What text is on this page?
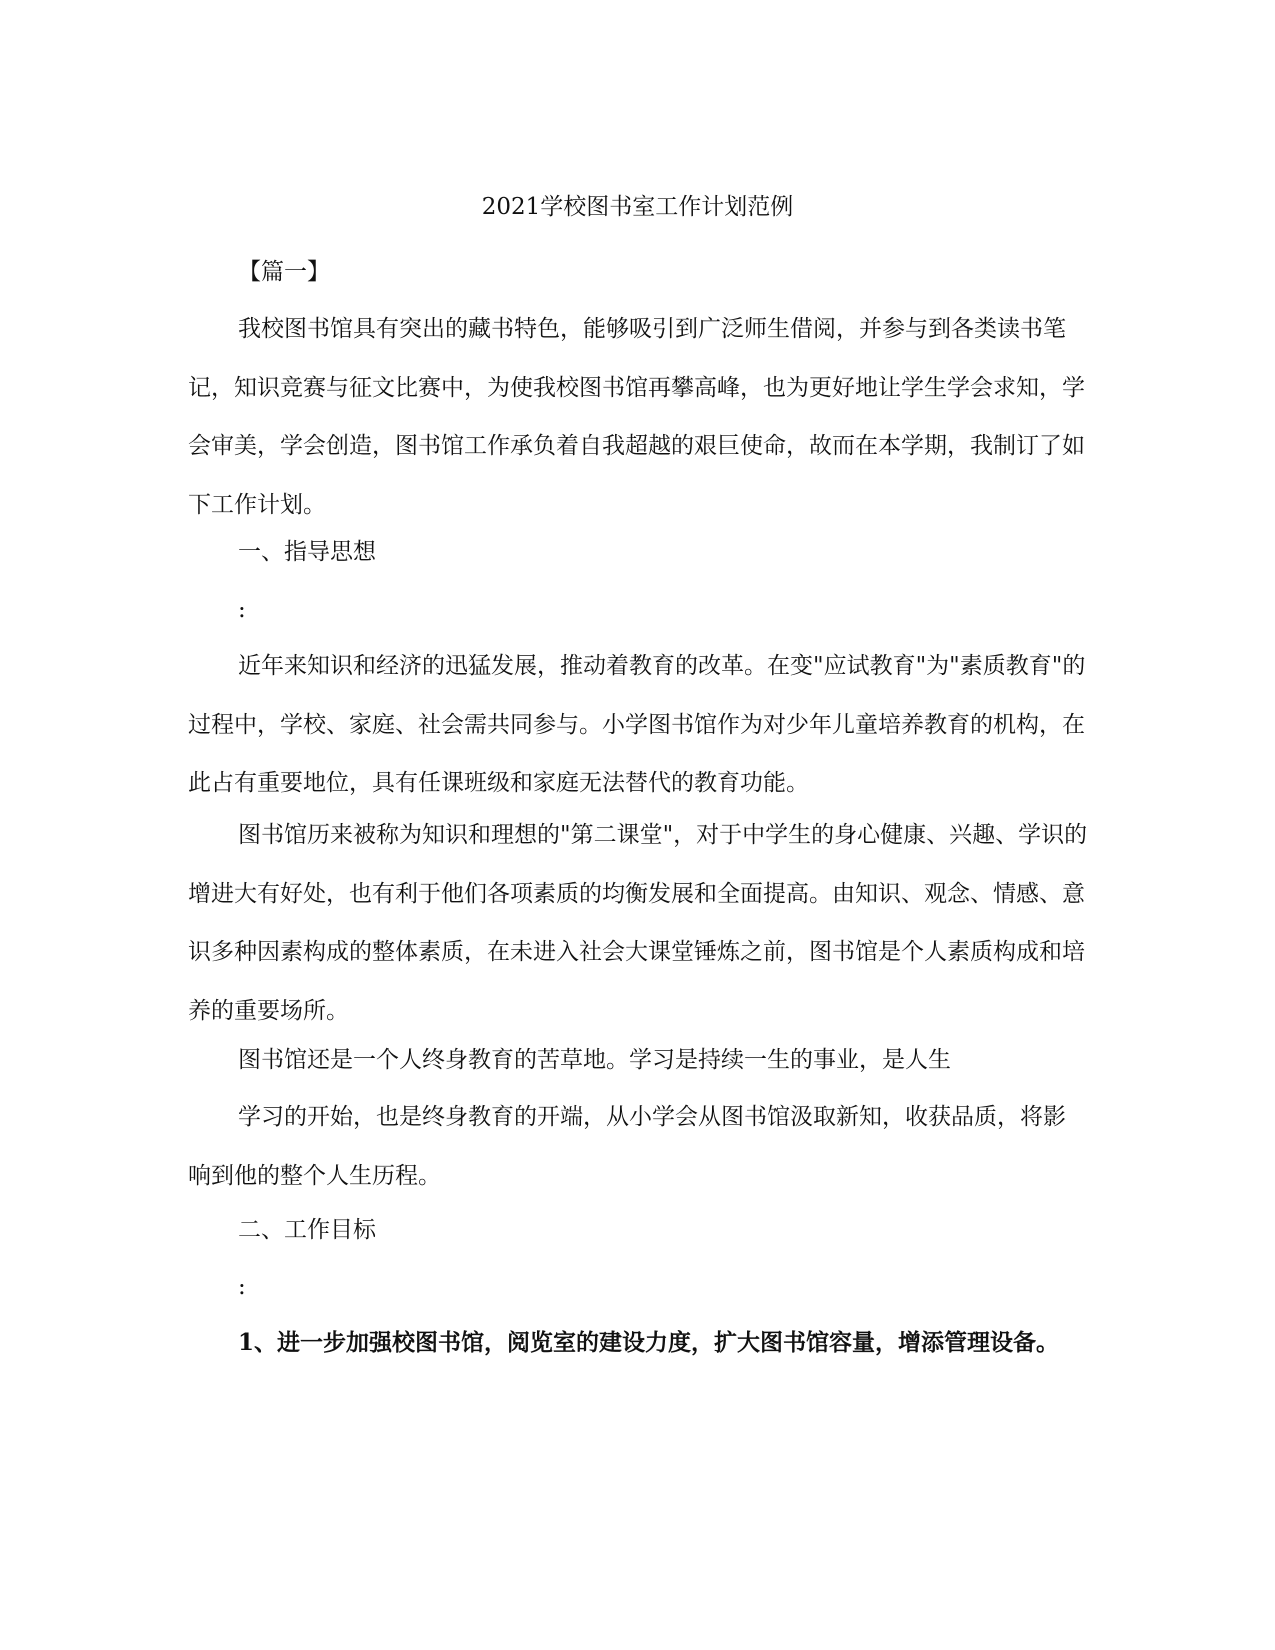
2021学校图书室工作计划范例

【篇一】

我校图书馆具有突出的藏书特色，能够吸引到广泛师生借阅，并参与到各类读书笔记，知识竞赛与征文比赛中，为使我校图书馆再攀高峰，也为更好地让学生学会求知，学会审美，学会创造，图书馆工作承负着自我超越的艰巨使命，故而在本学期，我制订了如下工作计划。

一、指导思想

:

近年来知识和经济的迅猛发展，推动着教育的改革。在变"应试教育"为"素质教育"的过程中，学校、家庭、社会需共同参与。小学图书馆作为对少年儿童培养教育的机构，在此占有重要地位，具有任课班级和家庭无法替代的教育功能。

图书馆历来被称为知识和理想的"第二课堂"，对于中学生的身心健康、兴趣、学识的增进大有好处，也有利于他们各项素质的均衡发展和全面提高。由知识、观念、情感、意识多种因素构成的整体素质，在未进入社会大课堂锤炼之前，图书馆是个人素质构成和培养的重要场所。

图书馆还是一个人终身教育的苦草地。学习是持续一生的事业，是人生

学习的开始，也是终身教育的开端，从小学会从图书馆汲取新知，收获品质，将影响到他的整个人生历程。

二、工作目标

:

1、进一步加强校图书馆，阅览室的建设力度，扩大图书馆容量，增添管理设备。
